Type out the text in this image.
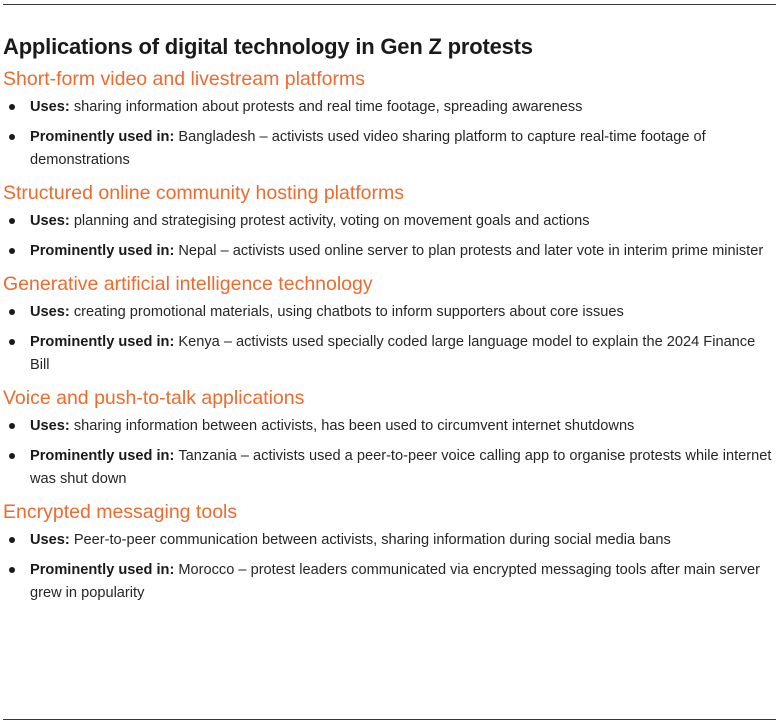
Applications of digital technology in Gen Z protests
Short-form video and livestream platforms
Uses: sharing information about protests and real time footage, spreading awareness
Prominently used in: Bangladesh – activists used video sharing platform to capture real-time footage of demonstrations
Structured online community hosting platforms
Uses: planning and strategising protest activity, voting on movement goals and actions
Prominently used in: Nepal – activists used online server to plan protests and later vote in interim prime minister
Generative artificial intelligence technology
Uses: creating promotional materials, using chatbots to inform supporters about core issues
Prominently used in: Kenya – activists used specially coded large language model to explain the 2024 Finance Bill
Voice and push-to-talk applications
Uses: sharing information between activists, has been used to circumvent internet shutdowns
Prominently used in: Tanzania – activists used a peer-to-peer voice calling app to organise protests while internet was shut down
Encrypted messaging tools
Uses: Peer-to-peer communication between activists, sharing information during social media bans
Prominently used in: Morocco – protest leaders communicated via encrypted messaging tools after main server grew in popularity
